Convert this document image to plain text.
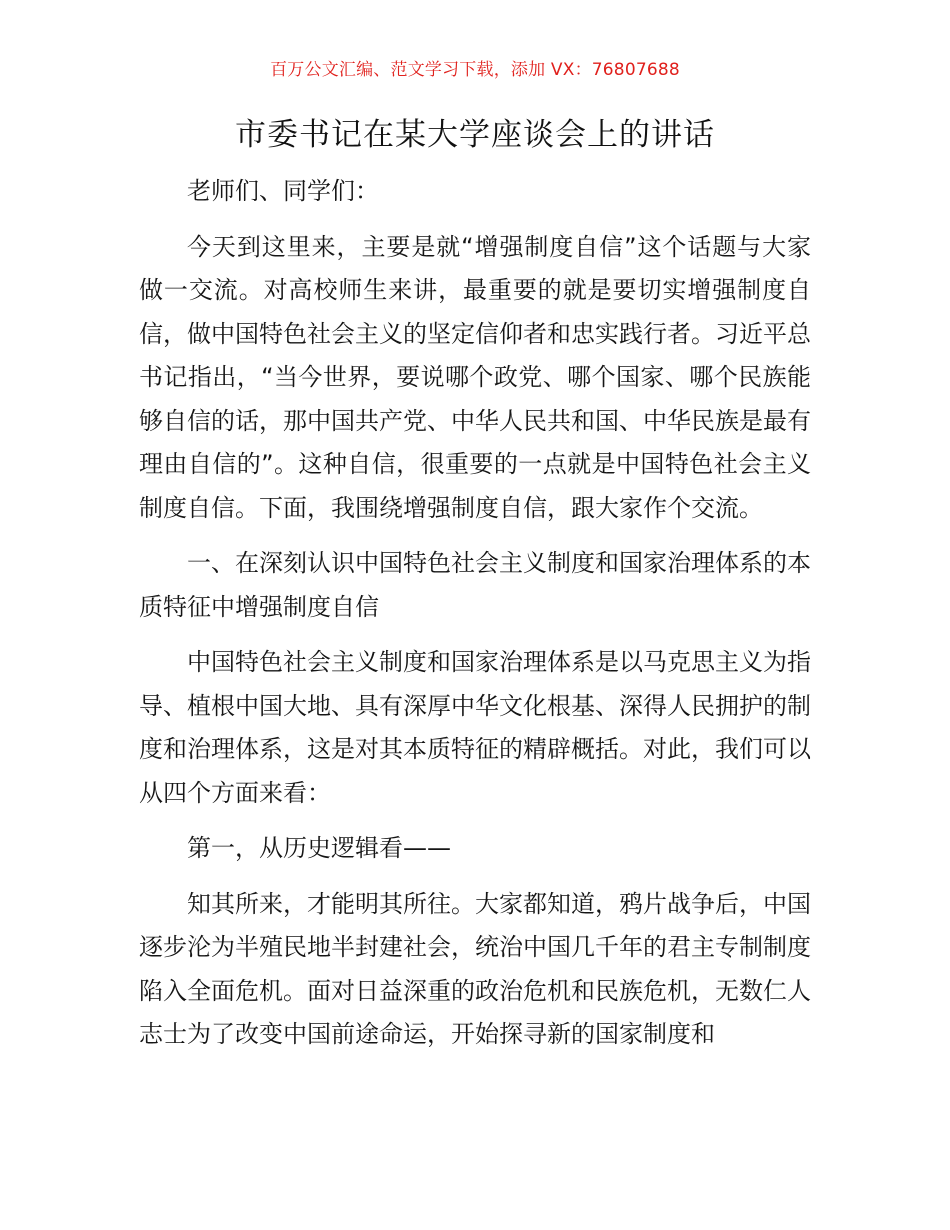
百万公文汇编、范文学习下载，添加 VX：76807688
市委书记在某大学座谈会上的讲话

老师们、同学们：

今天到这里来，主要是就“增强制度自信”这个话题与大家做一交流。对高校师生来讲，最重要的就是要切实增强制度自信，做中国特色社会主义的坚定信仰者和忠实践行者。习近平总书记指出，“当今世界，要说哪个政党、哪个国家、哪个民族能够自信的话，那中国共产党、中华人民共和国、中华民族是最有理由自信的”。这种自信，很重要的一点就是中国特色社会主义制度自信。下面，我围绕增强制度自信，跟大家作个交流。

一、在深刻认识中国特色社会主义制度和国家治理体系的本质特征中增强制度自信

中国特色社会主义制度和国家治理体系是以马克思主义为指导、植根中国大地、具有深厚中华文化根基、深得人民拥护的制度和治理体系，这是对其本质特征的精辟概括。对此，我们可以从四个方面来看：

第一，从历史逻辑看——

知其所来，才能明其所往。大家都知道，鸦片战争后，中国逐步沦为半殖民地半封建社会，统治中国几千年的君主专制制度陷入全面危机。面对日益深重的政治危机和民族危机，无数仁人志士为了改变中国前途命运，开始探寻新的国家制度和
